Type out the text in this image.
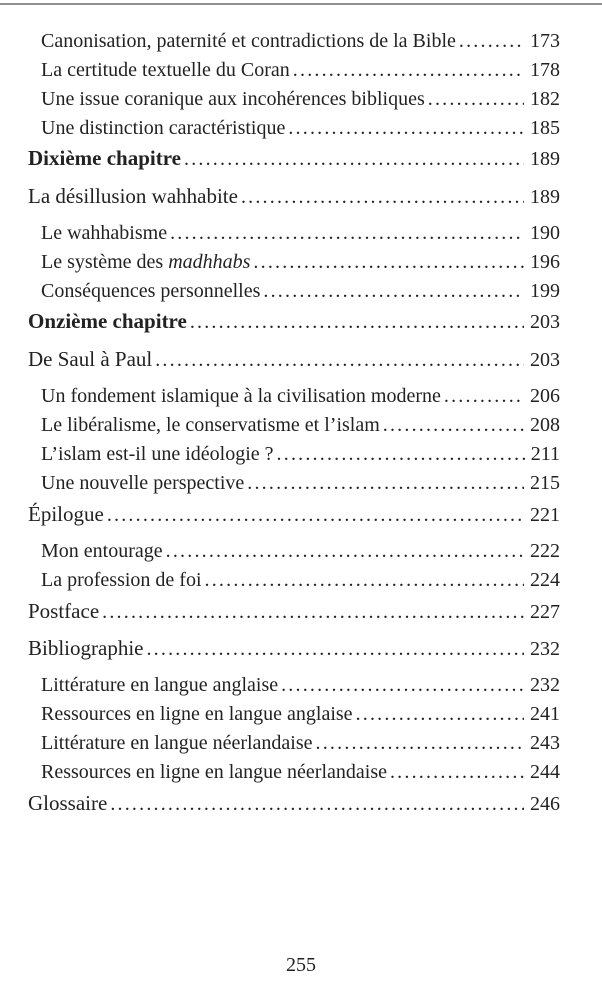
Canonisation, paternité et contradictions de la Bible .....	173
La certitude textuelle du Coran .....	178
Une issue coranique aux incohérences bibliques .....	182
Une distinction caractéristique .....	185
Dixième chapitre .....	189
La désillusion wahhabite .....	189
Le wahhabisme .....	190
Le système des madhhabs .....	196
Conséquences personnelles .....	199
Onzième chapitre .....	203
De Saul à Paul .....	203
Un fondement islamique à la civilisation moderne .....	206
Le libéralisme, le conservatisme et l’islam .....	208
L’islam est-il une idéologie ? .....	211
Une nouvelle perspective .....	215
Épilogue .....	221
Mon entourage .....	222
La profession de foi .....	224
Postface .....	227
Bibliographie .....	232
Littérature en langue anglaise .....	232
Ressources en ligne en langue anglaise .....	241
Littérature en langue néerlandaise .....	243
Ressources en ligne en langue néerlandaise .....	244
Glossaire .....	246
255
